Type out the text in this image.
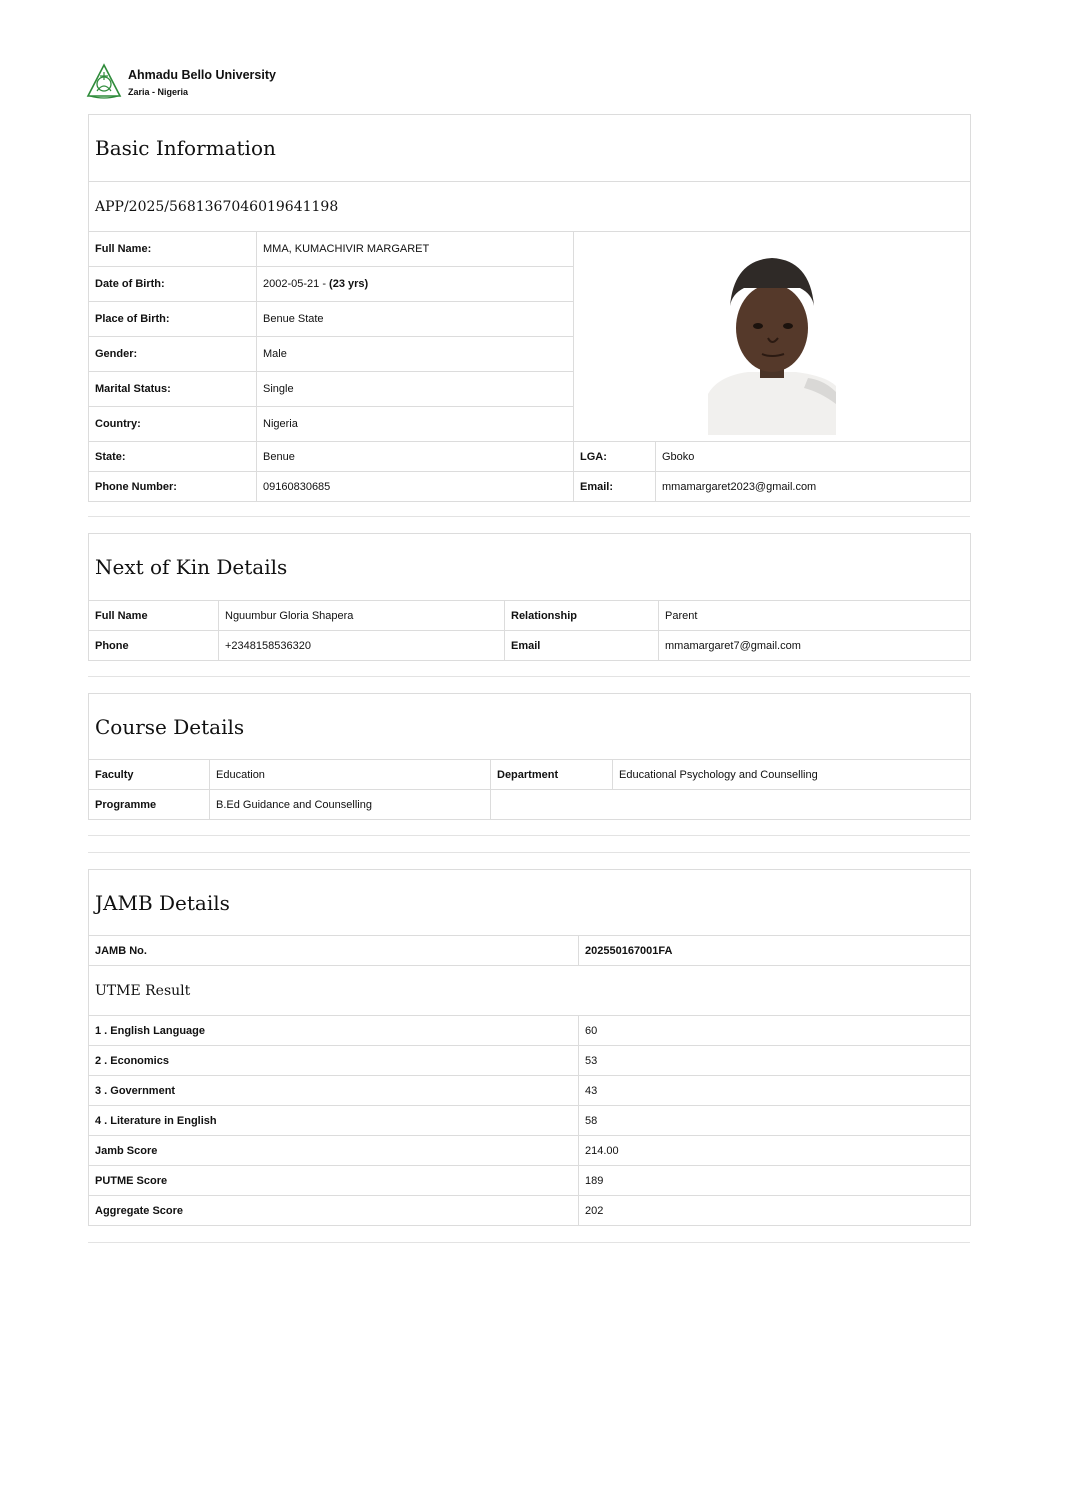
Ahmadu Bello University
Zaria - Nigeria
Basic Information			
APP/2025/5681367046019641198			
Full Name:	MMA, KUMACHIVIR MARGARET	

Date of Birth:	2002-05-21 - (23 yrs)		
Place of Birth:	Benue State		
Gender:	Male		
Marital Status:	Single		
Country:	Nigeria		
State:	Benue	LGA:	Gboko
Phone Number:	09160830685	Email:	mmamargaret2023@gmail.com
Next of Kin Details			
Full Name	Nguumbur Gloria Shapera	Relationship	Parent
Phone	+2348158536320	Email	mmamargaret7@gmail.com
Course Details			
Faculty	Education	Department	Educational Psychology and Counselling
Programme	B.Ed Guidance and Counselling		
JAMB Details	
JAMB No.	202550167001FA
UTME Result	
1 . English Language	60
2 . Economics	53
3 . Government	43
4 . Literature in English	58
Jamb Score	214.00
PUTME Score	189
Aggregate Score	202
